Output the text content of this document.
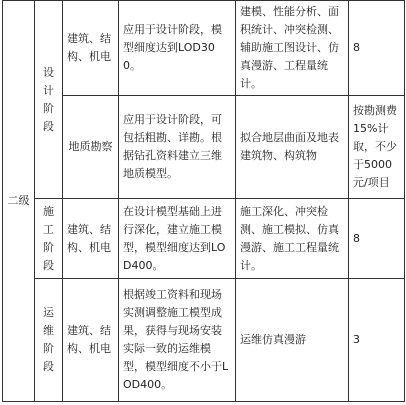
二级	设计阶段	建筑、结构、机电	应用于设计阶段，模型细度达到LOD300。	建模、性能分析、面积统计、冲突检测、辅助施工图设计、仿真漫游、工程量统计。	8
		地质勘察	应用于设计阶段，可包括粗勘、详勘。根据钻孔资料建立三维地质模型。	拟合地层曲面及地表建筑物、构筑物	按勘测费15%计取，不少于5000元/项目

	施工阶段	建筑、结构、机电	在设计模型基础上进行深化，建立施工模型，模型细度达到LOD400。	施工深化、冲突检测、施工模拟、仿真漫游、施工工程量统计。	8

	运维阶段	建筑、结构、机电	根据竣工资料和现场实测调整施工模型成果，获得与现场安装实际一致的运维模型，模型细度不小于LOD400。	运维仿真漫游	3
